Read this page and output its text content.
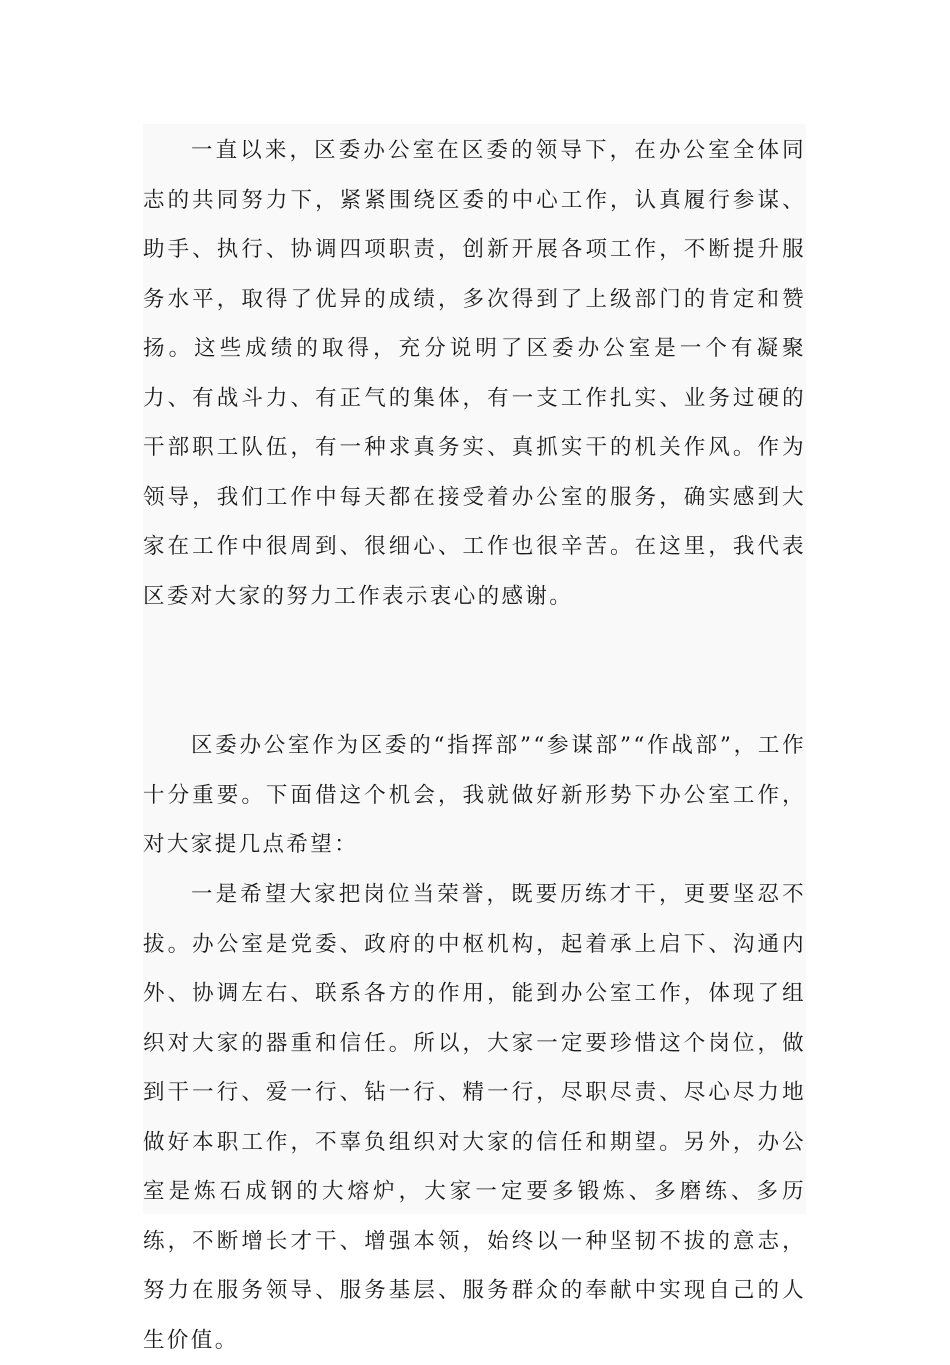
一直以来，区委办公室在区委的领导下，在办公室全体同志的共同努力下，紧紧围绕区委的中心工作，认真履行参谋、助手、执行、协调四项职责，创新开展各项工作，不断提升服务水平，取得了优异的成绩，多次得到了上级部门的肯定和赞扬。这些成绩的取得，充分说明了区委办公室是一个有凝聚力、有战斗力、有正气的集体，有一支工作扎实、业务过硬的干部职工队伍，有一种求真务实、真抓实干的机关作风。作为领导，我们工作中每天都在接受着办公室的服务，确实感到大家在工作中很周到、很细心、工作也很辛苦。在这里，我代表区委对大家的努力工作表示衷心的感谢。

区委办公室作为区委的“指挥部”“参谋部”“作战部”，工作十分重要。下面借这个机会，我就做好新形势下办公室工作，对大家提几点希望：

一是希望大家把岗位当荣誉，既要历练才干，更要坚忍不拔。办公室是党委、政府的中枢机构，起着承上启下、沟通内外、协调左右、联系各方的作用，能到办公室工作，体现了组织对大家的器重和信任。所以，大家一定要珍惜这个岗位，做到干一行、爱一行、钻一行、精一行，尽职尽责、尽心尽力地做好本职工作，不辜负组织对大家的信任和期望。另外，办公室是炼石成钢的大熔炉，大家一定要多锻炼、多磨练、多历练，不断增长才干、增强本领，始终以一种坚韧不拔的意志，努力在服务领导、服务基层、服务群众的奉献中实现自己的人生价值。
